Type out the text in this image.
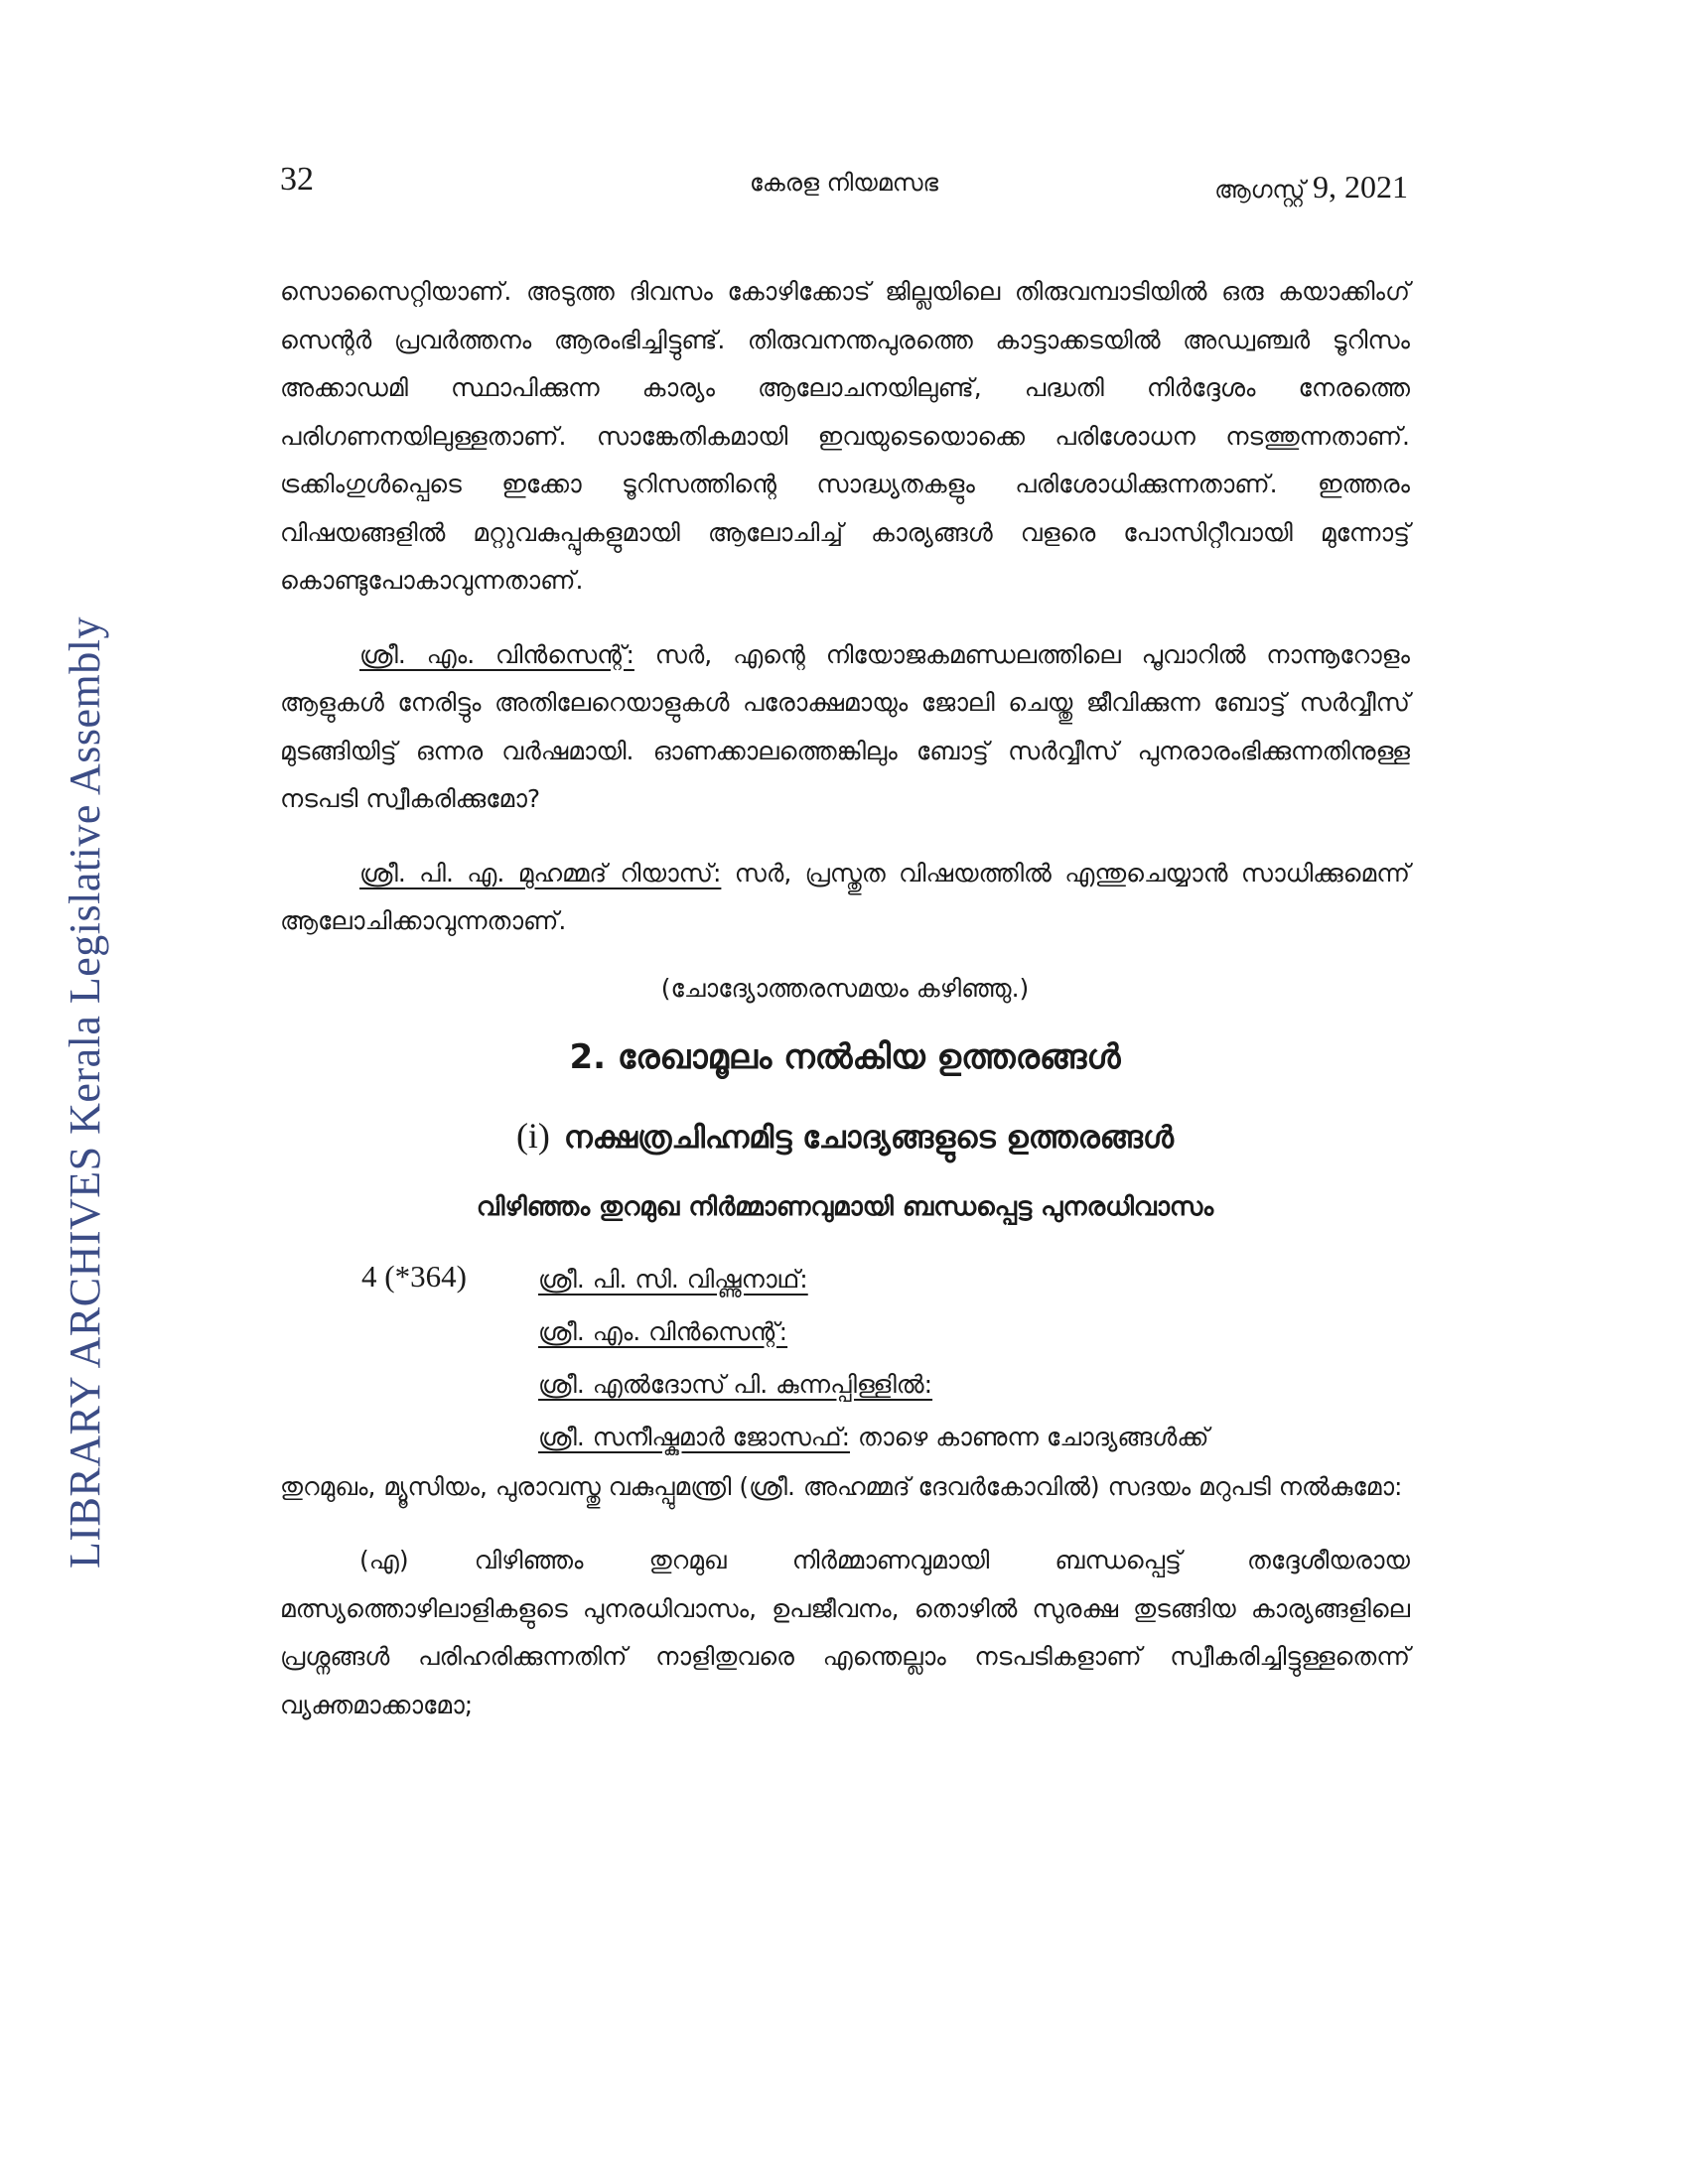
LIBRARY ARCHIVES Kerala Legislative Assembly
32	കേരള നിയമസഭ	ആഗസ്റ്റ് 9, 2021

സൊസൈറ്റിയാണ്. അടുത്ത ദിവസം കോഴിക്കോട് ജില്ലയിലെ തിരുവമ്പാടിയിൽ ഒരു കയാക്കിംഗ് സെന്റർ പ്രവർത്തനം ആരംഭിച്ചിട്ടുണ്ട്. തിരുവനന്തപുരത്തെ കാട്ടാക്കടയിൽ അഡ്വഞ്ചർ ടൂറിസം അക്കാഡമി സ്ഥാപിക്കുന്ന കാര്യം ആലോചനയിലുണ്ട്, പദ്ധതി നിർദ്ദേശം നേരത്തെ പരിഗണനയിലുള്ളതാണ്. സാങ്കേതികമായി ഇവയുടെയൊക്കെ പരിശോധന നടത്തുന്നതാണ്. ട്രക്കിംഗുൾപ്പെടെ ഇക്കോ ടൂറിസത്തിന്റെ സാദ്ധ്യതകളും പരിശോധിക്കുന്നതാണ്. ഇത്തരം വിഷയങ്ങളിൽ മറ്റുവകുപ്പുകളുമായി ആലോചിച്ച് കാര്യങ്ങൾ വളരെ പോസിറ്റീവായി മുന്നോട്ട് കൊണ്ടുപോകാവുന്നതാണ്.

ശ്രീ. എം. വിൻസെന്റ്: സർ, എന്റെ നിയോജകമണ്ഡലത്തിലെ പൂവാറിൽ നാന്നൂറോളം ആളുകൾ നേരിട്ടും അതിലേറെയാളുകൾ പരോക്ഷമായും ജോലി ചെയ്തു ജീവിക്കുന്ന ബോട്ട് സർവ്വീസ് മുടങ്ങിയിട്ട് ഒന്നര വർഷമായി. ഓണക്കാലത്തെങ്കിലും ബോട്ട് സർവ്വീസ് പുനരാരംഭിക്കുന്നതിനുള്ള നടപടി സ്വീകരിക്കുമോ?

ശ്രീ. പി. എ. മുഹമ്മദ് റിയാസ്: സർ, പ്രസ്തുത വിഷയത്തിൽ എന്തുചെയ്യാൻ സാധിക്കുമെന്ന് ആലോചിക്കാവുന്നതാണ്.

(ചോദ്യോത്തരസമയം കഴിഞ്ഞു.)

2. രേഖാമൂലം നൽകിയ ഉത്തരങ്ങൾ
(i) നക്ഷത്രചിഹ്നമിട്ട ചോദ്യങ്ങളുടെ ഉത്തരങ്ങൾ
വിഴിഞ്ഞം തുറമുഖ നിർമ്മാണവുമായി ബന്ധപ്പെട്ട പുനരധിവാസം
4 (*364)	ശ്രീ. പി. സി. വിഷ്ണുനാഥ്:
ശ്രീ. എം. വിൻസെന്റ്:
ശ്രീ. എൽദോസ് പി. കുന്നപ്പിള്ളിൽ:
ശ്രീ. സനീഷ്കുമാർ ജോസഫ്: താഴെ കാണുന്ന ചോദ്യങ്ങൾക്ക്

തുറമുഖം, മ്യൂസിയം, പുരാവസ്തു വകുപ്പുമന്ത്രി (ശ്രീ. അഹമ്മദ് ദേവർകോവിൽ) സദയം മറുപടി നൽകുമോ:

(എ) വിഴിഞ്ഞം തുറമുഖ നിർമ്മാണവുമായി ബന്ധപ്പെട്ട് തദ്ദേശീയരായ മത്സ്യത്തൊഴിലാളികളുടെ പുനരധിവാസം, ഉപജീവനം, തൊഴിൽ സുരക്ഷ തുടങ്ങിയ കാര്യങ്ങളിലെ പ്രശ്നങ്ങൾ പരിഹരിക്കുന്നതിന് നാളിതുവരെ എന്തെല്ലാം നടപടികളാണ് സ്വീകരിച്ചിട്ടുള്ളതെന്ന് വ്യക്തമാക്കാമോ;
